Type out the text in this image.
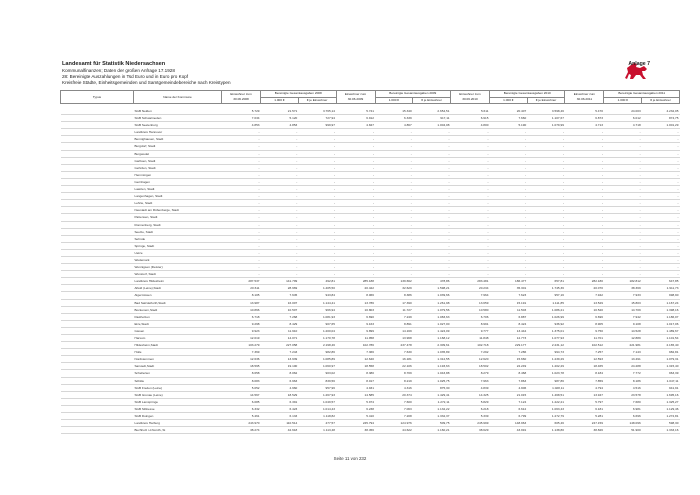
Landesamt für Statistik Niedersachsen
Kommunalfinanzen; Daten der großen Anfrage 17.1928
28: Bereinigte Auszahlungen in Tsd Euro und in Euro pro Kopf
Kreisfreie Städte, Einheitsgemeinden und Samtgemeindebereiche nach Kreistypen
Anlage 7
Typus	Name der Kommune	Einwohner zum 30.06.2008	Bereinigte Gesamtausgaben 2008		Einwohner zum 30.06.2009	Bereinigte Gesamtausgaben 2009		Einwohner zum 30.06.2010	Bereinigte Gesamtausgaben 2010		Einwohner zum 30.06.2011	Bereinigte Gesamtausgaben 2011	
			1.000 €	€ je Einwohner		1.000 €	€ je Einwohner		1.000 €	€ je Einwohner		1.000 €	€ je Einwohner

	SGB Nelden	5.729	21.571	3.765,14	5.741	15.340	2.654,51	5.611	20.407	3.598,46	5.470	24.003	4.232,05
	SGB Schwalmeden	7.034	5.120	727,94	6.912	6.339	917,11	6.915	7.660	1.107,67	6.873	6.012	874,75
	SGB Seelenburg	4.853	4.853	999,97	4.847	4.867	1.004,08	4.800	5.190	1.079,99	4.713	4.718	1.001,29
	Landkreis Hannover	-	-	-	-	-	-	-	-	-	-	-	-
	Bennighausen, Stadt	-	-	-	-	-	-	-	-	-	-	-	-
	Burgdorf, Stadt	-	-	-	-	-	-	-	-	-	-	-	-
	Burgwedel	-	-	-	-	-	-	-	-	-	-	-	-
	Garbsen, Stadt	-	-	-	-	-	-	-	-	-	-	-	-
	Gehrden, Stadt	-	-	-	-	-	-	-	-	-	-	-	-
	Hemmingen	-	-	-	-	-	-	-	-	-	-	-	-
	Isernhagen	-	-	-	-	-	-	-	-	-	-	-	-
	Laatzen, Stadt	-	-	-	-	-	-	-	-	-	-	-	-
	Langenhagen, Stadt	-	-	-	-	-	-	-	-	-	-	-	-
	Lehrte, Stadt	-	-	-	-	-	-	-	-	-	-	-	-
	Neustadt am Rübenberge, Stadt	-	-	-	-	-	-	-	-	-	-	-	-
	Pattensen, Stadt	-	-	-	-	-	-	-	-	-	-	-	-
	Ronnenberg, Stadt	-	-	-	-	-	-	-	-	-	-	-	-
	Seelze, Stadt	-	-	-	-	-	-	-	-	-	-	-	-
	Sehnde	-	-	-	-	-	-	-	-	-	-	-	-
	Springe, Stadt	-	-	-	-	-	-	-	-	-	-	-	-
	Uetze	-	-	-	-	-	-	-	-	-	-	-	-
	Wedemark	-	-	-	-	-	-	-	-	-	-	-	-
	Wennigsen (Deister)	-	-	-	-	-	-	-	-	-	-	-	-
	Wunstorf, Stadt	-	-	-	-	-	-	-	-	-	-	-	-
	Landkreis Hildesheim	287.537	141.799	492,81	285.188	139.662	478,86	283.481	186.477	657,81	282.180	182.812	647,85
	Alfeld (Leine),Stadt	20.611	28.969	1.405,50	20.422	32.629	1.598,21	20.234	35.301	1.745,36	20.070	38.369	1.911,73
	Algermissen	8.105	7.645	943,84	8.066	8.386	1.039,66	7.964	7.623	957,16	7.942	7.933	998,90
	Bad Salzdetfurth,Stadt	13.987	16.007	1.144,41	13.786	17.390	1.261,98	13.659	15.191	1.111,85	13.529	15.803	1.167,24
	Bockenem,Stadt	10.866	10.507	966,94	10.803	11.727	1.079,56	10.580	11.503	1.086,21	10.520	14.709	1.398,16
	Diekholzen	6.718	7.268	1.081,93	6.690	7.249	1.083,63	6.706	6.887	1.026,99	6.696	7.942	1.186,07
	Eize,Stadt	9.298	8.429	907,65	9.163	8.891	1.027,00	8.991	8.424	936,92	8.905	9.108	1.017,06
	Giesen	9.923	11.910	1.200,04	9.899	14.169	1.424,09	9.777	13.444	1.375,01	9.750	14.528	1.489,67
	Harsum	12.019	14.071	1.170,78	11.958	13.968	1.168,12	11.848	12.773	1.077,93	11.701	12.889	1.101,54
	Hildesheim,Stadt	103.279	227.058	2.198,46	102.786	237.478	2.309,61	102.718	229.177	2.231,12	102.512	221.981	2.165,40
	Holle	7.369	7.243	982,86	7.366	7.630	1.035,89	7.292	7.286	994,73	7.257	7.143	982,81
	Nordstemmen	12.636	13.939	1.085,89	12.640	16.181	1.312,55	12.620	15.660	1.239,29	12.593	13.491	1.079,31
	Sarstedt,Stadt	18.595	19.100	1.060,97	18.558	22.106	1.193,63	18.502	22.249	1.202,29	18.465	24.288	1.315,40
	Schellerten	8.658	8.062	903,02	8.380	8.709	1.043,88	8.279	8.468	1.023,78	8.184	7.772	963,39
	Söhlde	8.083	6.963	839,56	8.017	8.219	1.025,75	7.963	7.863	987,86	7.859	8.186	1.047,11
	SGB Freden (Leine)	5.052	4.960	957,96	4.931	4.316	875,30	4.839	4.906	1.028,11	4.794	4.516	941,91
	SGB Gronau (Leine)	14.567	18.529	1.267,93	14.585	20.374	1.429,41	14.325	21.015	1.468,51	13.947	23.578	1.695,16
	SGB Lamspringe	6.085	6.391	1.049,57	5.974	7.600	1.272,11	5.829	7.124	1.222,21	5.797	7.680	1.325,27
	SGB Sibbesse	6.332	6.423	1.014,43	6.238	7.063	1.132,22	6.218	6.612	1.063,43	6.181	6.981	1.129,46
	SGB Duingen	5.461	6.133	1.118,82	5.410	7.208	1.332,37	5.339	6.799	1.272,79	5.281	6.696	1.272,81
	Landkreis Harburg	243.970	110.514	477,57	245.794	124.976	509,75	245.999	148.963	605,46	247.159	148.096	598,30
	Buchholz i.d.Nordh.,St	38.274	42.618	1.113,48	38.456	44.622	1.160,21	38.629	43.991	1.138,80	38.826	51.900	1.333,16
Seite 11 von 232
